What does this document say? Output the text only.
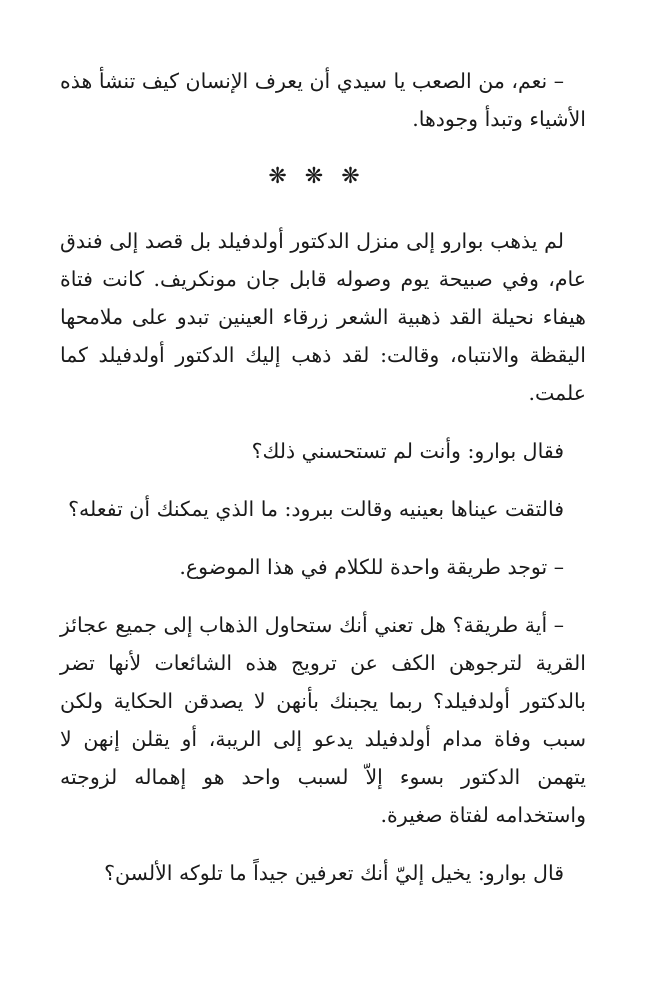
– نعم، من الصعب يا سيدي أن يعرف الإنسان كيف تنشأ هذه الأشياء وتبدأ وجودها.

❋❋❋

لم يذهب بوارو إلى منزل الدكتور أولدفيلد بل قصد إلى فندق عام، وفي صبيحة يوم وصوله قابل جان مونكريف. كانت فتاة هيفاء نحيلة القد ذهبية الشعر زرقاء العينين تبدو على ملامحها اليقظة والانتباه، وقالت: لقد ذهب إليك الدكتور أولدفيلد كما علمت.

فقال بوارو: وأنت لم تستحسني ذلك؟

فالتقت عيناها بعينيه وقالت ببرود: ما الذي يمكنك أن تفعله؟

– توجد طريقة واحدة للكلام في هذا الموضوع.

– أية طريقة؟ هل تعني أنك ستحاول الذهاب إلى جميع عجائز القرية لترجوهن الكف عن ترويج هذه الشائعات لأنها تضر بالدكتور أولدفيلد؟ ربما يجبنك بأنهن لا يصدقن الحكاية ولكن سبب وفاة مدام أولدفيلد يدعو إلى الريبة، أو يقلن إنهن لا يتهمن الدكتور بسوء إلاّ لسبب واحد هو إهماله لزوجته واستخدامه لفتاة صغيرة.

قال بوارو: يخيل إليّ أنك تعرفين جيداً ما تلوكه الألسن؟
